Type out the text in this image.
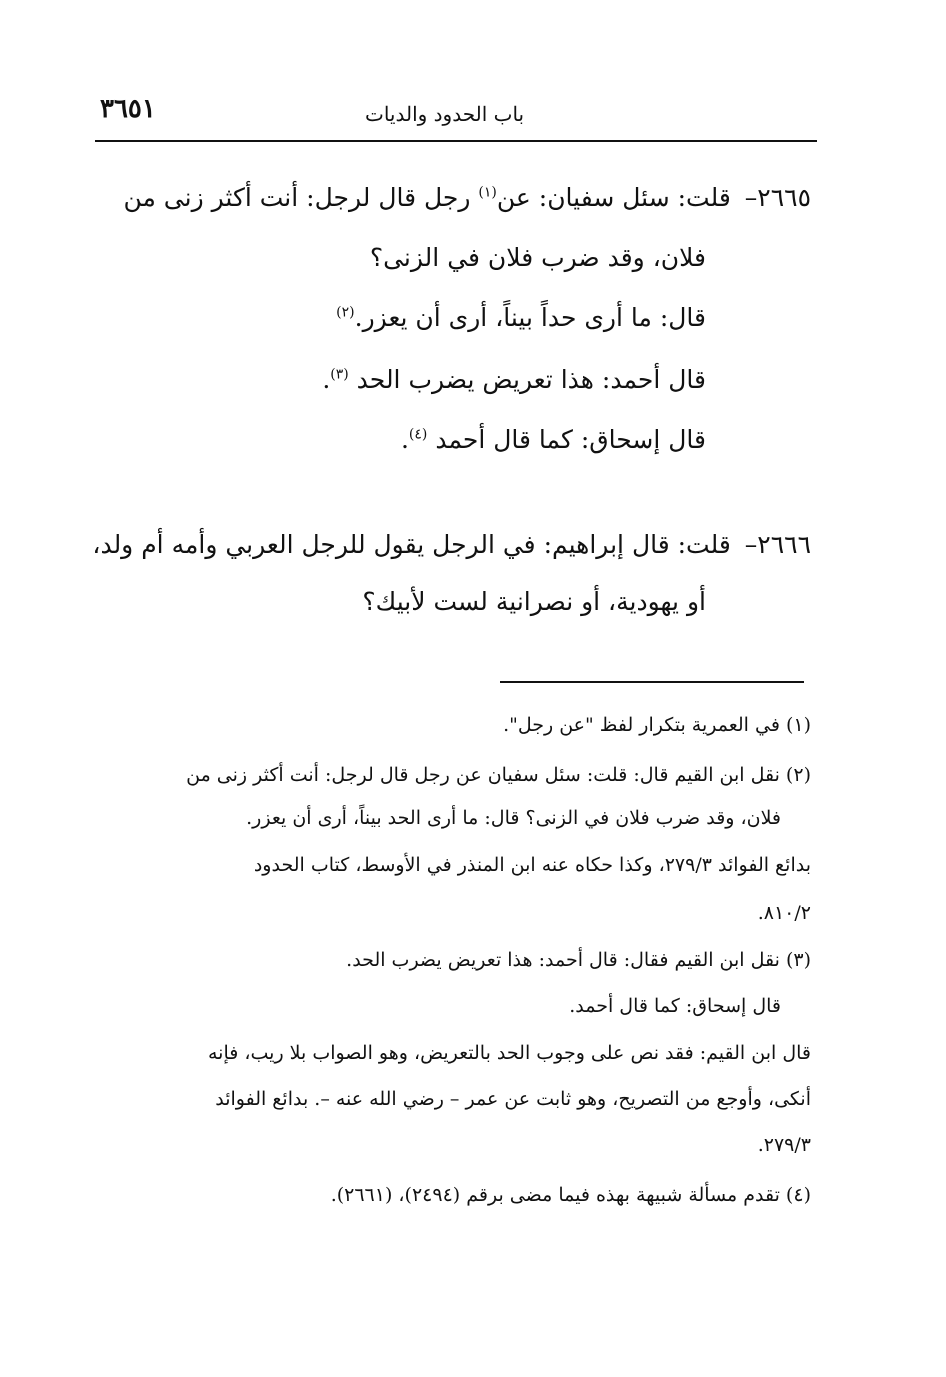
٣٦٥١	باب الحدود والديات
٢٦٦٥– قلت: سئل سفيان: عن$^{(١)}$ رجل قال لرجل: أنت أكثر زنى من
فلان، وقد ضرب فلان في الزنى؟
قال: ما أرى حداً بيناً، أرى أن يعزر.$^{(٢)}$
قال أحمد: هذا تعريض يضرب الحد $^{(٣)}$.
قال إسحاق: كما قال أحمد $^{(٤)}$.
٢٦٦٦– قلت: قال إبراهيم: في الرجل يقول للرجل العربي وأمه أم ولد،
أو يهودية، أو نصرانية لست لأبيك؟
(١) في العمرية بتكرار لفظ "عن رجل".
(٢) نقل ابن القيم قال: قلت: سئل سفيان عن رجل قال لرجل: أنت أكثر زنى من
فلان، وقد ضرب فلان في الزنى؟ قال: ما أرى الحد بيناً، أرى أن يعزر.
بدائع الفوائد ٢٧٩/٣، وكذا حكاه عنه ابن المنذر في الأوسط، كتاب الحدود
٨١٠/٢.
(٣) نقل ابن القيم فقال: قال أحمد: هذا تعريض يضرب الحد.
قال إسحاق: كما قال أحمد.
قال ابن القيم: فقد نص على وجوب الحد بالتعريض، وهو الصواب بلا ريب، فإنه
أنكى، وأوجع من التصريح، وهو ثابت عن عمر – رضي الله عنه –. بدائع الفوائد
٢٧٩/٣.
(٤) تقدم مسألة شبيهة بهذه فيما مضى برقم (٢٤٩٤)، (٢٦٦١).
